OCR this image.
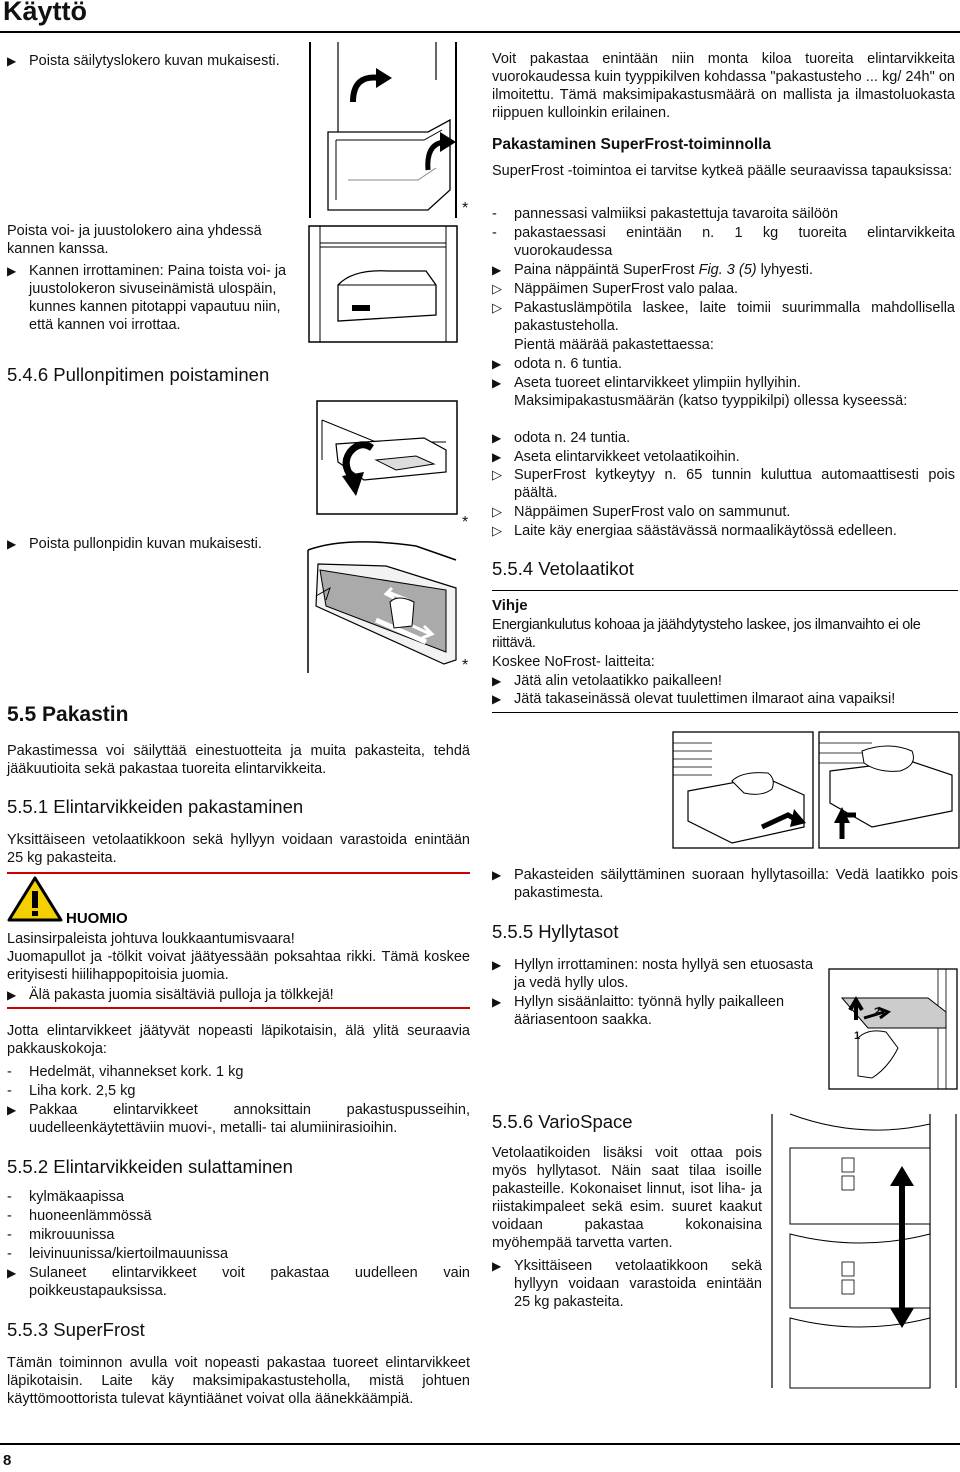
Käyttö
▶ Poista säilytyslokero kuvan mukaisesti.

Poista voi- ja juustolokero aina yhdessä kannen kanssa.

▶ Kannen irrottaminen: Paina toista voi- ja juustolokeron sivuseinämistä ulospäin, kunnes kannen pitotappi vapautuu niin, että kannen voi irrottaa.
5.4.6 Pullonpitimen poistaminen
▶ Poista pullonpidin kuvan mukaisesti.
*
*
*
5.5 Pakastin

Pakastimessa voi säilyttää einestuotteita ja muita pakasteita, tehdä jääkuutioita sekä pakastaa tuoreita elintarvikkeita.

5.5.1 Elintarvikkeiden pakastaminen

Yksittäiseen vetolaatikkoon sekä hyllyyn voidaan varastoida enintään 25 kg pakasteita.

HUOMIO

Lasinsirpaleista johtuva loukkaantumisvaara!

Juomapullot ja -tölkit voivat jäätyessään poksahtaa rikki. Tämä koskee erityisesti hiilihappopitoisia juomia.

▶ Älä pakasta juomia sisältäviä pulloja ja tölkkejä!

Jotta elintarvikkeet jäätyvät nopeasti läpikotaisin, älä ylitä seuraavia pakkauskokoja:

-	Hedelmät, vihannekset kork. 1 kg
-	Liha kork. 2,5 kg
▶ Pakkaa elintarvikkeet annoksittain pakastuspusseihin, uudelleenkäytettäviin muovi-, metalli- tai alumiinirasioihin.
5.5.2 Elintarvikkeiden sulattaminen
-	kylmäkaapissa
-	huoneenlämmössä
-	mikrouunissa
-	leivinuunissa/kiertoilmauunissa
▶ Sulaneet elintarvikkeet voit pakastaa uudelleen vain poikkeustapauksissa.
5.5.3 SuperFrost

Tämän toiminnon avulla voit nopeasti pakastaa tuoreet elintarvikkeet läpikotaisin. Laite käy maksimipakastusteholla, mistä johtuen käyttömoottorista tulevat käyntiäänet voivat olla äänekkäämpiä.

Voit pakastaa enintään niin monta kiloa tuoreita elintarvikkeita vuorokaudessa kuin tyyppikilven kohdassa "pakastusteho ... kg/ 24h" on ilmoitettu. Tämä maksimipakastusmäärä on mallista ja ilmastoluokasta riippuen kulloinkin erilainen.

Pakastaminen SuperFrost-toiminnolla

SuperFrost -toimintoa ei tarvitse kytkeä päälle seuraavissa tapauksissa:

-	pannessasi valmiiksi pakastettuja tavaroita säilöön
-	pakastaessasi enintään n. 1 kg tuoreita elintarvikkeita vuorokaudessa
▶ Paina näppäintä SuperFrost Fig. 3 (5) lyhyesti.
▷ Näppäimen SuperFrost valo palaa.
▷ Pakastuslämpötila laskee, laite toimii suurimmalla mahdollisella pakastusteholla.

Pientä määrää pakastettaessa:

▶ odota n. 6 tuntia.
▶ Aseta tuoreet elintarvikkeet ylimpiin hyllyihin.

Maksimipakastusmäärän (katso tyyppikilpi) ollessa kyseessä:

▶ odota n. 24 tuntia.
▶ Aseta elintarvikkeet vetolaatikoihin.
▷ SuperFrost kytkeytyy n. 65 tunnin kuluttua automaattisesti pois päältä.
▷ Näppäimen SuperFrost valo on sammunut.
▷ Laite käy energiaa säästävässä normaalikäytössä edelleen.
5.5.4 Vetolaatikot
Vihje

Energiankulutus kohoaa ja jäähdytysteho laskee, jos ilmanvaihto ei ole riittävä.

Koskee NoFrost- laitteita:

▶ Jätä alin vetolaatikko paikalleen!
▶ Jätä takaseinässä olevat tuulettimen ilmaraot aina vapaiksi!
▶ Pakasteiden säilyttäminen suoraan hyllytasoilla: Vedä laatikko pois pakastimesta.
5.5.5 Hyllytasot
▶ Hyllyn irrottaminen: nosta hyllyä sen etuosasta ja vedä hylly ulos.
▶ Hyllyn sisäänlaitto: työnnä hylly paikalleen ääriasentoon saakka.
1
2
5.5.6 VarioSpace

Vetolaatikoiden lisäksi voit ottaa pois myös hyllytasot. Näin saat tilaa isoille pakasteille. Kokonaiset linnut, isot liha- ja riistakimpaleet sekä esim. suuret kaakut voidaan pakastaa kokonaisina myöhempää tarvetta varten.

▶ Yksittäiseen vetolaatikkoon sekä hyllyyn voidaan varastoida enintään 25 kg pakasteita.
8
